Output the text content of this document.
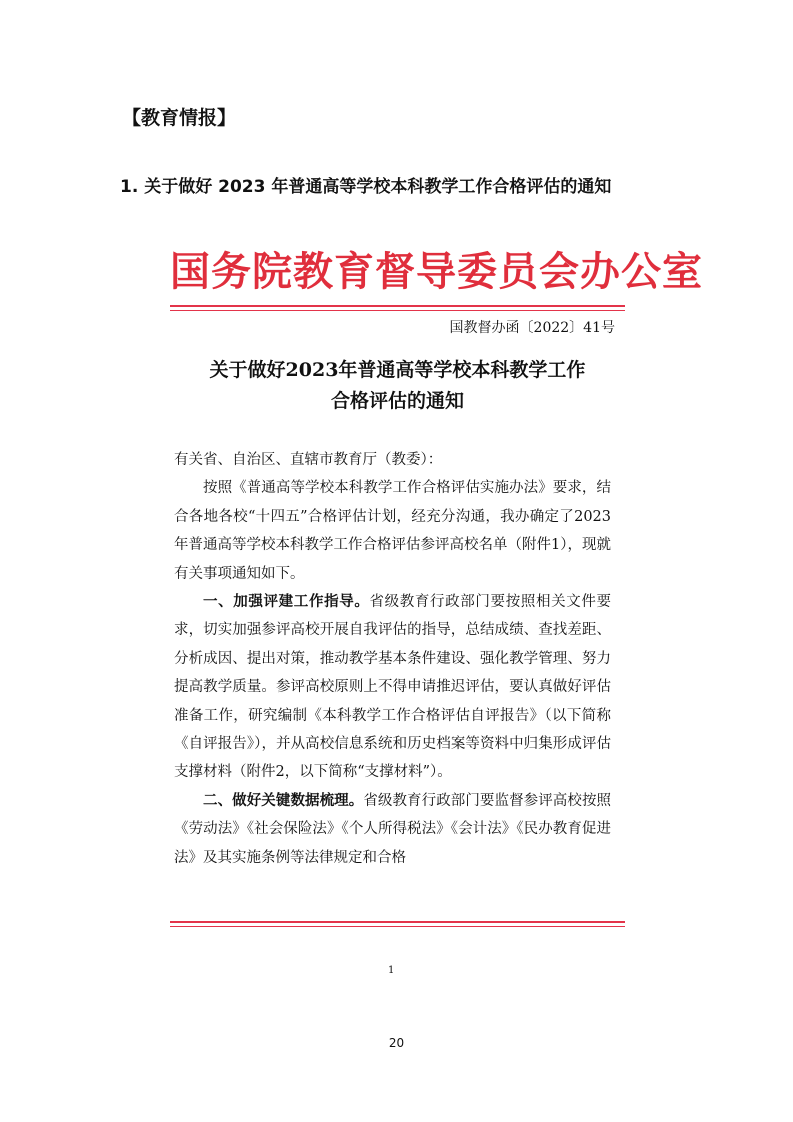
【教育情报】
1. 关于做好 2023 年普通高等学校本科教学工作合格评估的通知
国务院教育督导委员会办公室
国教督办函〔2022〕41号
关于做好2023年普通高等学校本科教学工作
合格评估的通知

有关省、自治区、直辖市教育厅（教委）：

按照《普通高等学校本科教学工作合格评估实施办法》要求，结合各地各校“十四五”合格评估计划，经充分沟通，我办确定了2023年普通高等学校本科教学工作合格评估参评高校名单（附件1），现就有关事项通知如下。

一、加强评建工作指导。省级教育行政部门要按照相关文件要求，切实加强参评高校开展自我评估的指导，总结成绩、查找差距、分析成因、提出对策，推动教学基本条件建设、强化教学管理、努力提高教学质量。参评高校原则上不得申请推迟评估，要认真做好评估准备工作，研究编制《本科教学工作合格评估自评报告》（以下简称《自评报告》），并从高校信息系统和历史档案等资料中归集形成评估支撑材料（附件2，以下简称“支撑材料”）。

二、做好关键数据梳理。省级教育行政部门要监督参评高校按照《劳动法》《社会保险法》《个人所得税法》《会计法》《民办教育促进法》及其实施条例等法律规定和合格

1
20
